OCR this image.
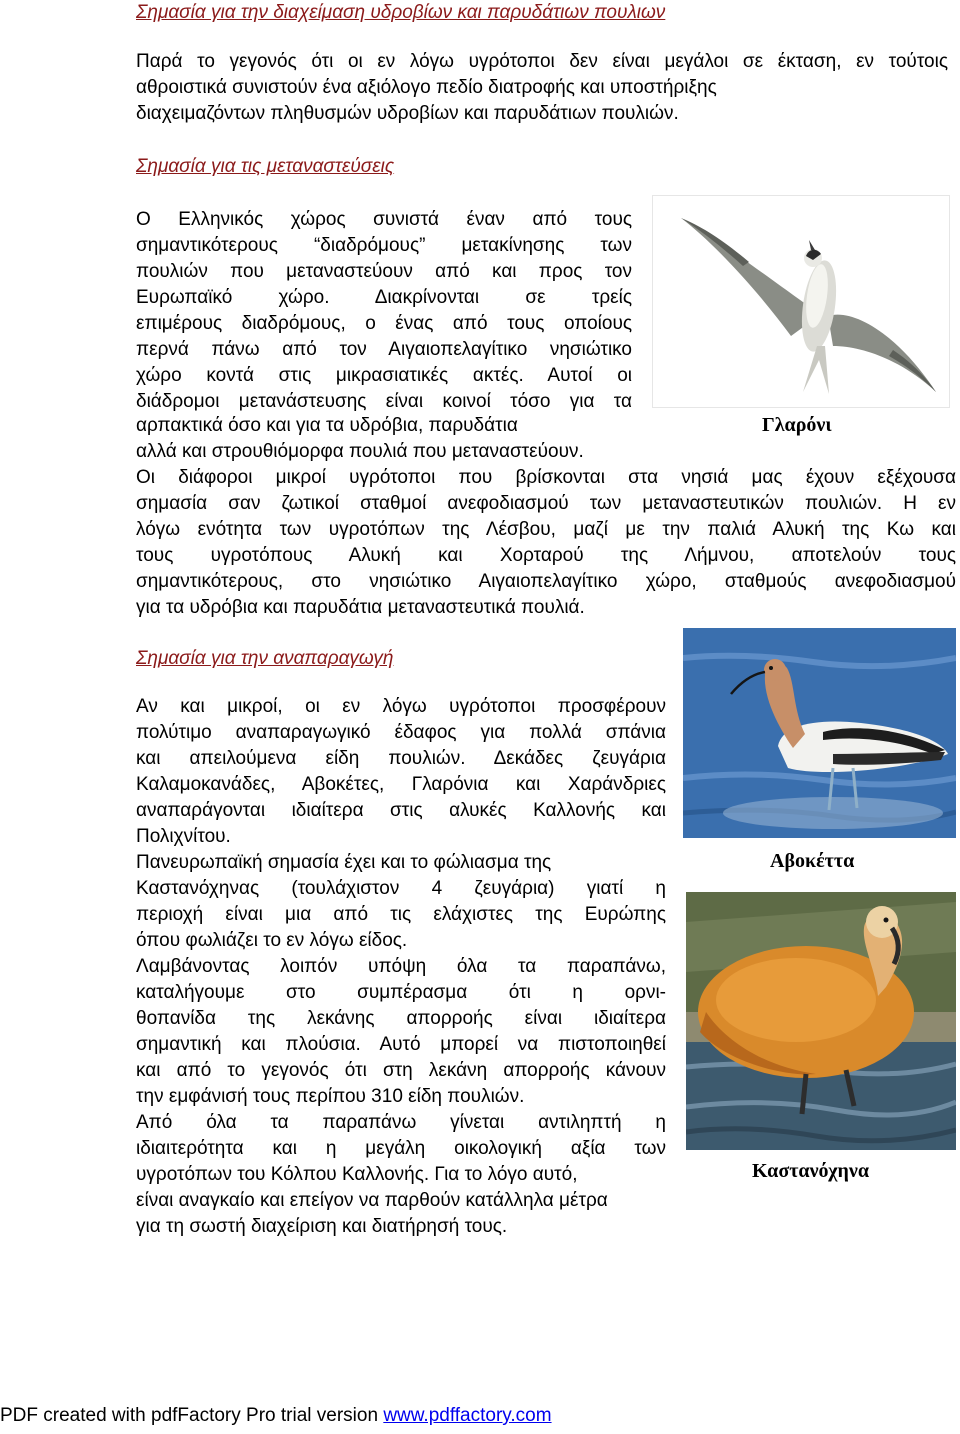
Σημασία για την διαχείμαση υδροβίων και παρυδάτιων πουλιων
Παρά το γεγονός ότι οι εν λόγω υγρότοποι δεν είναι μεγάλοι σε έκταση, εν τούτοις
αθροιστικά συνιστούν ένα αξιόλογο πεδίο διατροφής και υποστήριξης
διαχειμαζόντων πληθυσμών υδροβίων και παρυδάτιων πουλιών.
Σημασία για τις μεταναστεύσεις
Ο Ελληνικός χώρος συνιστά έναν από τους
σημαντικότερους “διαδρόμους” μετακίνησης των
πουλιών που μεταναστεύουν από και προς τον
Ευρωπαϊκό χώρο. Διακρίνονται σε τρείς
επιμέρους διαδρόμους, ο ένας από τους οποίους
περνά πάνω από τον Αιγαιοπελαγίτικο νησιώτικο
χώρο κοντά στις μικρασιατικές ακτές. Αυτοί οι
διάδρομοι μετανάστευσης είναι κοινοί τόσο για τα
αρπακτικά όσο και για τα υδρόβια, παρυδάτια
αλλά και στρουθιόμορφα πουλιά που μεταναστεύουν.
Γλαρόνι
Οι διάφοροι μικροί υγρότοποι που βρίσκονται στα νησιά μας έχουν εξέχουσα
σημασία σαν ζωτικοί σταθμοί ανεφοδιασμού των μεταναστευτικών πουλιών. Η εν
λόγω ενότητα των υγροτόπων της Λέσβου, μαζί με την παλιά Αλυκή της Κω και
τους υγροτόπους Αλυκή και Χορταρού της Λήμνου, αποτελούν τους
σημαντικότερους, στο νησιώτικο Αιγαιοπελαγίτικο χώρο, σταθμούς ανεφοδιασμού
για τα υδρόβια και παρυδάτια μεταναστευτικά πουλιά.
Σημασία για την αναπαραγωγή
Αν και μικροί, οι εν λόγω υγρότοποι προσφέρουν
πολύτιμο αναπαραγωγικό έδαφος για πολλά σπάνια
και απειλούμενα είδη πουλιών. Δεκάδες ζευγάρια
Καλαμοκανάδες, Αβοκέτες, Γλαρόνια και Χαράνδριες
αναπαράγονται ιδιαίτερα στις αλυκές Καλλονής και
Πολιχνίτου.
Πανευρωπαϊκή σημασία έχει και το φώλιασμα της
Καστανόχηνας (τουλάχιστον 4 ζευγάρια) γιατί η
περιοχή είναι μια από τις ελάχιστες της Ευρώπης
όπου φωλιάζει το εν λόγω είδος.
Λαμβάνοντας λοιπόν υπόψη όλα τα παραπάνω,
καταλήγουμε στο συμπέρασμα ότι η ορνι-
θοπανίδα της λεκάνης απορροής είναι ιδιαίτερα
σημαντική και πλούσια. Αυτό μπορεί να πιστοποιηθεί
και από το γεγονός ότι στη λεκάνη απορροής κάνουν
την εμφάνισή τους περίπου 310 είδη πουλιών.
Από όλα τα παραπάνω γίνεται αντιληπτή η
ιδιαιτερότητα και η μεγάλη οικολογική αξία των
υγροτόπων του Κόλπου Καλλονής. Για το λόγο αυτό,
είναι αναγκαίο και επείγον να παρθούν κατάλληλα μέτρα
για τη σωστή διαχείριση και διατήρησή τους.
Αβοκέττα
Καστανόχηνα
PDF created with pdfFactory Pro trial version www.pdffactory.com
